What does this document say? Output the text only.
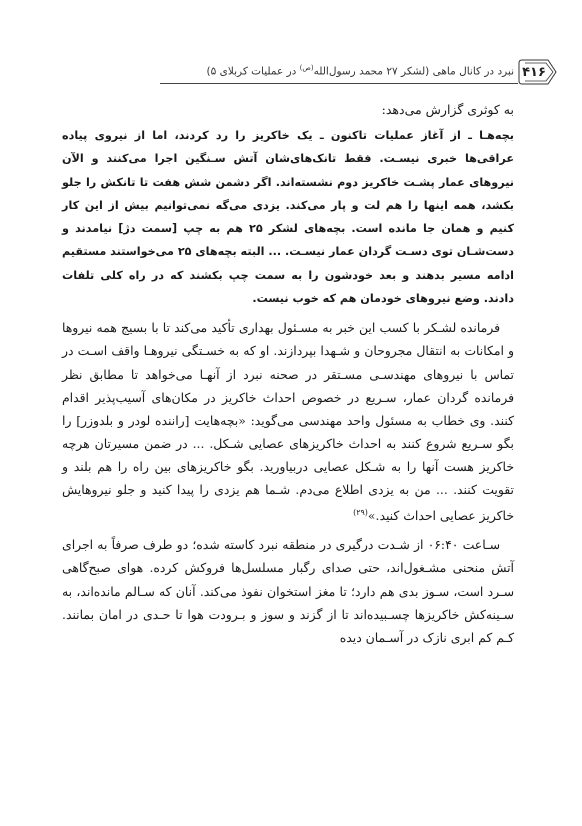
۴۱۶
نبرد در کانال ماهی (لشکر ۲۷ محمد رسول‌الله$^{(ص)}$ در عملیات کربلای ۵)

به کوثری گزارش می‌دهد:

بچه‌هـا ـ از آغاز عملیات تاکنون ـ یک خاکریز را رد کردند، اما از نیروی پیاده عراقی‌ها خبری نیسـت. فقط تانک‌های‌شان آتش سـنگین اجرا می‌کنند و الآن نیروهای عمار پشـت خاکریز دوم نشسته‌اند. اگر دشمن شش هفت تا تانکش را جلو بکشد، همه اینها را هم لت و پار می‌کند. یزدی می‌گه نمی‌توانیم بیش از این کار کنیم و همان جا مانده است. بچه‌های لشکر ۲۵ هم به چپ [سمت دژ] نیامدند و دست‌شـان توی دسـت گردان عمار نیسـت. ... البته بچه‌های ۲۵ می‌خواستند مستقیم ادامه مسیر بدهند و بعد خودشون را به سمت چپ بکشند که در راه کلی تلفات دادند. وضع نیروهای خودمان هم که خوب نیست.

فرمانده لشـکر با کسب این خبر به مسـئول بهداری تأکید می‌کند تا با بسیج همه نیروها و امکانات به انتقال مجروحان و شـهدا بپردازند. او که به خسـتگی نیروهـا واقف اسـت در تماس با نیروهای مهندسـی مسـتقر در صحنه نبرد از آنهـا می‌خواهد تا مطابق نظر فرمانده گردان عمار، سـریع در خصوص احداث خاکریز در مکان‌های آسیب‌پذیر اقدام کنند. وی خطاب به مسئول واحد مهندسی می‌گوید: «بچه‌هایت [راننده لودر و بلدوزر] را بگو سـریع شروع کنند به احداث خاکریزهای عصایی شـکل. ... در ضمن مسیرتان هرچه خاکریز هست آنها را به شـکل عصایی دربیاورید. بگو خاکریزهای بین راه را هم بلند و تقویت کنند. ... من به یزدی اطلاع می‌دم. شـما هم یزدی را پیدا کنید و جلو نیروهایش خاکریز عصایی احداث کنید.»$^{(۲۹)}$

سـاعت ۰۶:۴۰ از شـدت درگیری در منطقه نبرد کاسته شده؛ دو طرف صرفاً به اجرای آتش منحنی مشـغول‌اند، حتی صدای رگبار مسلسل‌ها فروکش کرده. هوای صبح‌گاهی سـرد است، سـوز بدی هم دارد؛ تا مغز استخوان نفوذ می‌کند. آنان که سـالم مانده‌اند، به سـینه‌کش خاکریزها چسـبیده‌اند تا از گزند و سوز و بـرودت هوا تا حـدی در امان بمانند. کـم کم ابری نازک در آسـمان دیده
